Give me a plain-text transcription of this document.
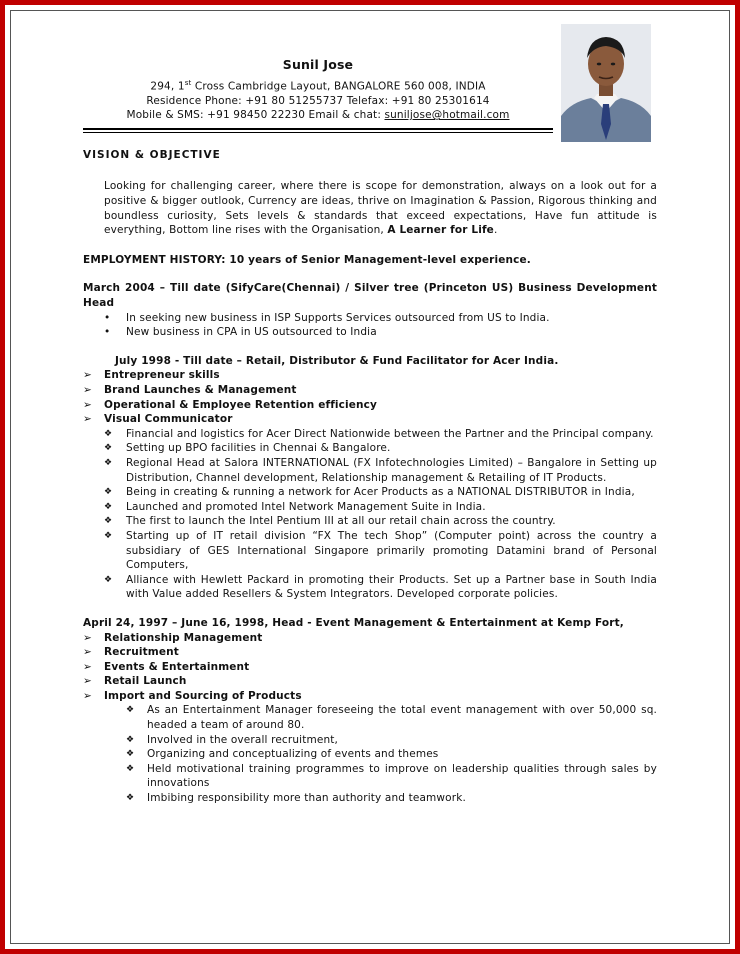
Sunil Jose
294, 1st Cross Cambridge Layout, BANGALORE 560 008, INDIA
Residence Phone: +91 80 51255737 Telefax: +91 80 25301614
Mobile & SMS: +91 98450 22230 Email & chat: suniljose@hotmail.com
VISION & OBJECTIVE
Looking for challenging career, where there is scope for demonstration, always on a look out for a positive & bigger outlook, Currency are ideas, thrive on Imagination & Passion, Rigorous thinking and boundless curiosity, Sets levels & standards that exceed expectations, Have fun attitude is everything, Bottom line rises with the Organisation, A Learner for Life.
EMPLOYMENT HISTORY: 10 years of Senior Management-level experience.
March 2004 – Till date (SifyCare(Chennai) / Silver tree (Princeton US) Business Development Head
• In seeking new business in ISP Supports Services outsourced from US to India.
• New business in CPA in US outsourced to India
July 1998 - Till date – Retail, Distributor & Fund Facilitator for Acer India.
➢ Entrepreneur skills
➢ Brand Launches & Management
➢ Operational & Employee Retention efficiency
➢ Visual Communicator
❖ Financial and logistics for Acer Direct Nationwide between the Partner and the Principal company.
❖ Setting up BPO facilities in Chennai & Bangalore.
❖ Regional Head at Salora INTERNATIONAL (FX Infotechnologies Limited) – Bangalore in Setting up Distribution, Channel development, Relationship management & Retailing of IT Products.
❖ Being in creating & running a network for Acer Products as a NATIONAL DISTRIBUTOR in India,
❖ Launched and promoted Intel Network Management Suite in India.
❖ The first to launch the Intel Pentium III at all our retail chain across the country.
❖ Starting up of IT retail division “FX The tech Shop” (Computer point) across the country a subsidiary of GES International Singapore primarily promoting Datamini brand of Personal Computers,
❖ Alliance with Hewlett Packard in promoting their Products. Set up a Partner base in South India with Value added Resellers & System Integrators. Developed corporate policies.
April 24, 1997 – June 16, 1998, Head - Event Management & Entertainment at Kemp Fort,
➢ Relationship Management
➢ Recruitment
➢ Events & Entertainment
➢ Retail Launch
➢ Import and Sourcing of Products
❖ As an Entertainment Manager foreseeing the total event management with over 50,000 sq. headed a team of around 80.
❖ Involved in the overall recruitment,
❖ Organizing and conceptualizing of events and themes
❖ Held motivational training programmes to improve on leadership qualities through sales by innovations
❖ Imbibing responsibility more than authority and teamwork.
